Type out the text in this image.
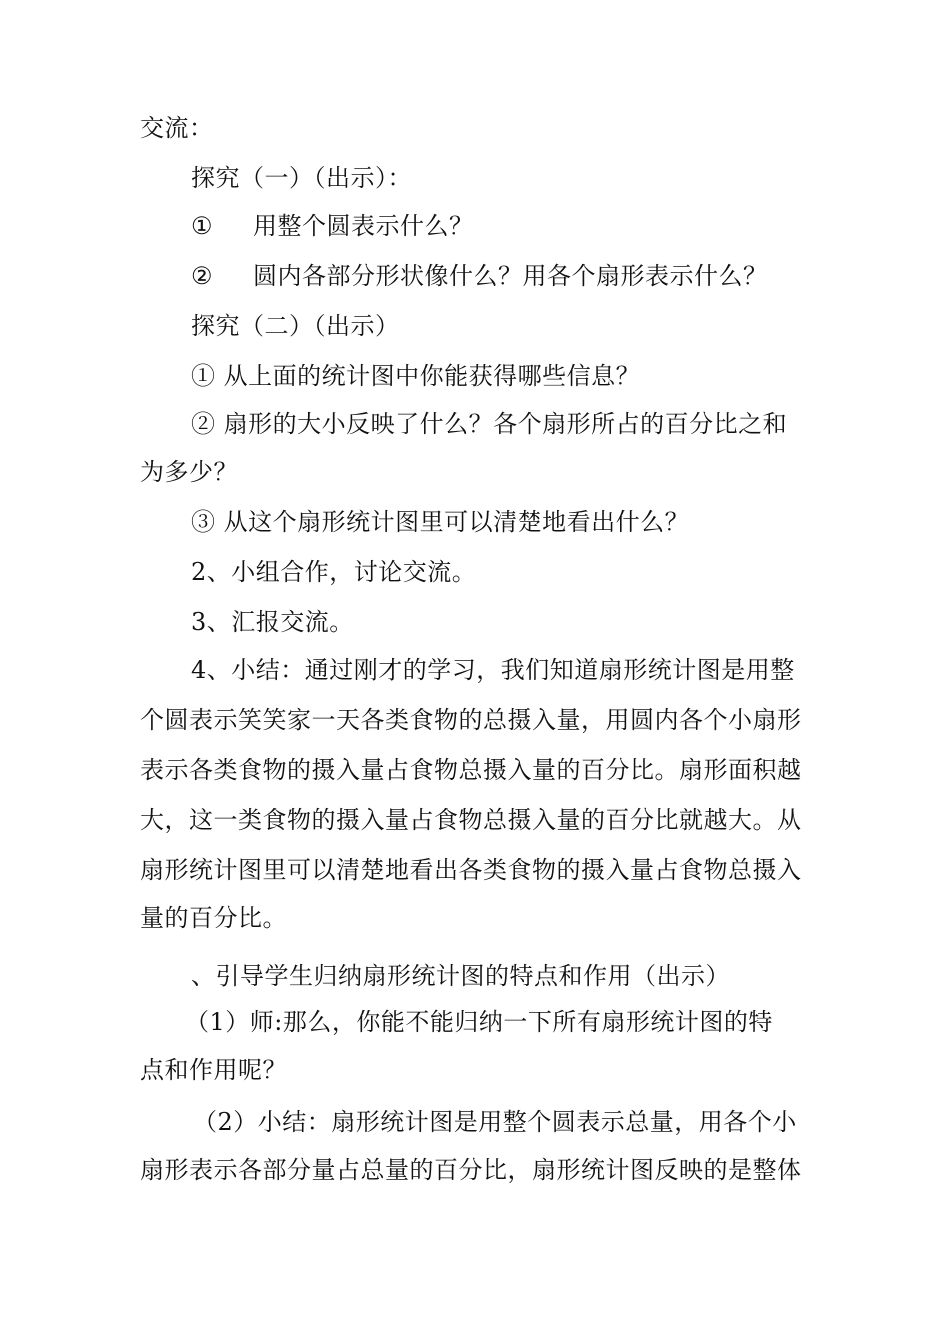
交流：
探究（一）（出示）：
① 用整个圆表示什么？
② 圆内各部分形状像什么？用各个扇形表示什么？
探究（二）（出示）
① 从上面的统计图中你能获得哪些信息？
② 扇形的大小反映了什么？各个扇形所占的百分比之和
为多少？
③ 从这个扇形统计图里可以清楚地看出什么？
2、小组合作，讨论交流。
3、汇报交流。
4、小结：通过刚才的学习，我们知道扇形统计图是用整
个圆表示笑笑家一天各类食物的总摄入量，用圆内各个小扇形
表示各类食物的摄入量占食物总摄入量的百分比。扇形面积越
大，这一类食物的摄入量占食物总摄入量的百分比就越大。从
扇形统计图里可以清楚地看出各类食物的摄入量占食物总摄入
量的百分比。
、引导学生归纳扇形统计图的特点和作用（出示）
（1）师:那么，你能不能归纳一下所有扇形统计图的特
点和作用呢？
（2）小结：扇形统计图是用整个圆表示总量，用各个小
扇形表示各部分量占总量的百分比，扇形统计图反映的是整体
